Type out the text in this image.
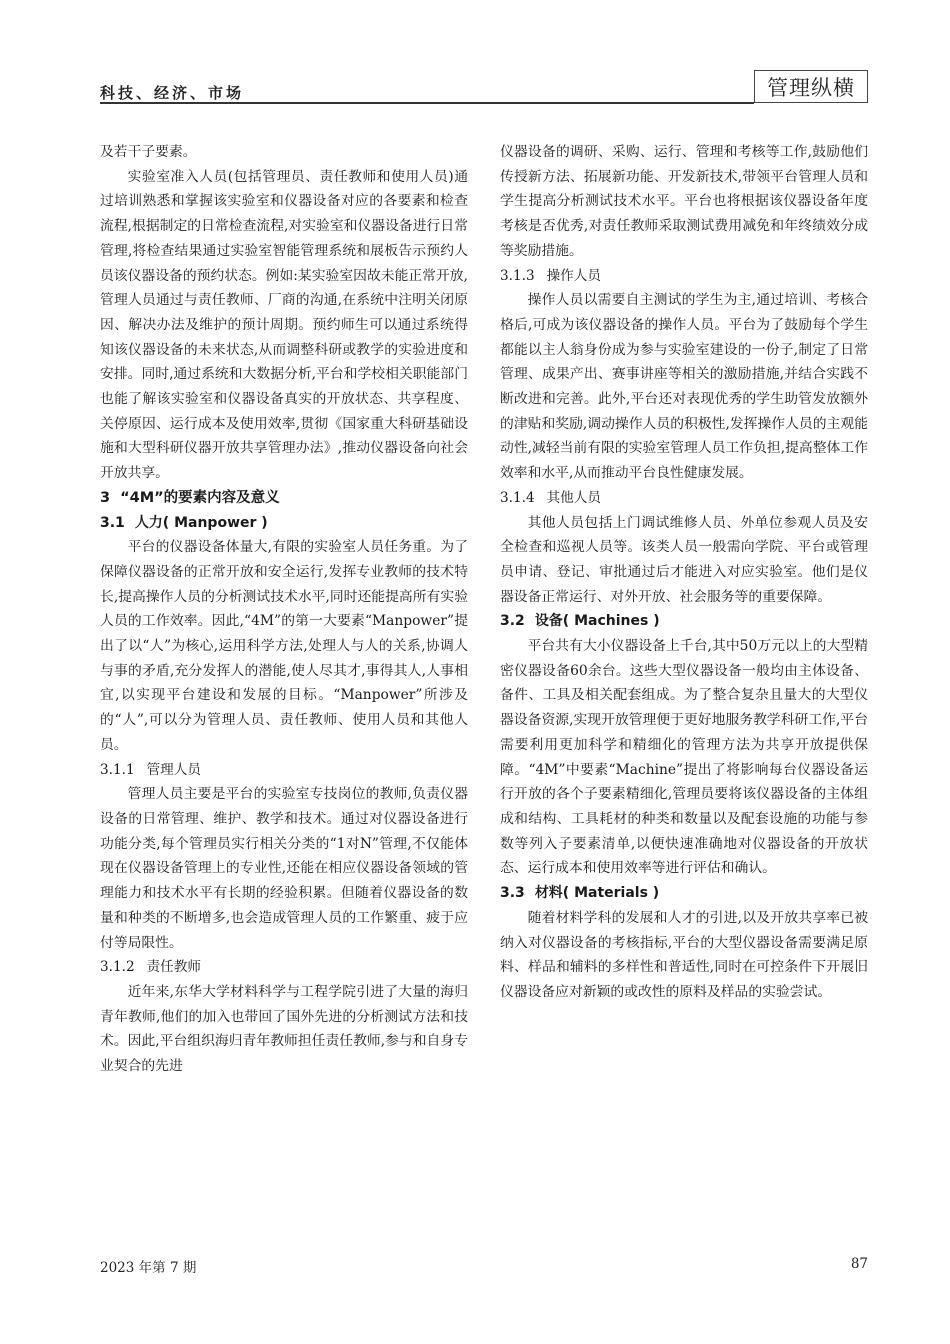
科技、经济、市场	管理纵横

及若干子要素。

实验室准入人员(包括管理员、责任教师和使用人员)通过培训熟悉和掌握该实验室和仪器设备对应的各要素和检查流程,根据制定的日常检查流程,对实验室和仪器设备进行日常管理,将检查结果通过实验室智能管理系统和展板告示预约人员该仪器设备的预约状态。例如:某实验室因故未能正常开放,管理人员通过与责任教师、厂商的沟通,在系统中注明关闭原因、解决办法及维护的预计周期。预约师生可以通过系统得知该仪器设备的未来状态,从而调整科研或教学的实验进度和安排。同时,通过系统和大数据分析,平台和学校相关职能部门也能了解该实验室和仪器设备真实的开放状态、共享程度、关停原因、运行成本及使用效率,贯彻《国家重大科研基础设施和大型科研仪器开放共享管理办法》,推动仪器设备向社会开放共享。

3 “4M”的要素内容及意义
3.1 人力( Manpower )

平台的仪器设备体量大,有限的实验室人员任务重。为了保障仪器设备的正常开放和安全运行,发挥专业教师的技术特长,提高操作人员的分析测试技术水平,同时还能提高所有实验人员的工作效率。因此,“4M”的第一大要素“Manpower”提出了以“人”为核心,运用科学方法,处理人与人的关系,协调人与事的矛盾,充分发挥人的潜能,使人尽其才,事得其人,人事相宜,以实现平台建设和发展的目标。“Manpower”所涉及的“人”,可以分为管理人员、责任教师、使用人员和其他人员。

3.1.1 管理人员

管理人员主要是平台的实验室专技岗位的教师,负责仪器设备的日常管理、维护、教学和技术。通过对仪器设备进行功能分类,每个管理员实行相关分类的“1对N”管理,不仅能体现在仪器设备管理上的专业性,还能在相应仪器设备领域的管理能力和技术水平有长期的经验积累。但随着仪器设备的数量和种类的不断增多,也会造成管理人员的工作繁重、疲于应付等局限性。

3.1.2 责任教师

近年来,东华大学材料科学与工程学院引进了大量的海归青年教师,他们的加入也带回了国外先进的分析测试方法和技术。因此,平台组织海归青年教师担任责任教师,参与和自身专业契合的先进

仪器设备的调研、采购、运行、管理和考核等工作,鼓励他们传授新方法、拓展新功能、开发新技术,带领平台管理人员和学生提高分析测试技术水平。平台也将根据该仪器设备年度考核是否优秀,对责任教师采取测试费用减免和年终绩效分成等奖励措施。

3.1.3 操作人员

操作人员以需要自主测试的学生为主,通过培训、考核合格后,可成为该仪器设备的操作人员。平台为了鼓励每个学生都能以主人翁身份成为参与实验室建设的一份子,制定了日常管理、成果产出、赛事讲座等相关的激励措施,并结合实践不断改进和完善。此外,平台还对表现优秀的学生助管发放额外的津贴和奖励,调动操作人员的积极性,发挥操作人员的主观能动性,减轻当前有限的实验室管理人员工作负担,提高整体工作效率和水平,从而推动平台良性健康发展。

3.1.4 其他人员

其他人员包括上门调试维修人员、外单位参观人员及安全检查和巡视人员等。该类人员一般需向学院、平台或管理员申请、登记、审批通过后才能进入对应实验室。他们是仪器设备正常运行、对外开放、社会服务等的重要保障。

3.2 设备( Machines )

平台共有大小仪器设备上千台,其中50万元以上的大型精密仪器设备60余台。这些大型仪器设备一般均由主体设备、备件、工具及相关配套组成。为了整合复杂且量大的大型仪器设备资源,实现开放管理便于更好地服务教学科研工作,平台需要利用更加科学和精细化的管理方法为共享开放提供保障。“4M”中要素“Machine”提出了将影响每台仪器设备运行开放的各个子要素精细化,管理员要将该仪器设备的主体组成和结构、工具耗材的种类和数量以及配套设施的功能与参数等列入子要素清单,以便快速准确地对仪器设备的开放状态、运行成本和使用效率等进行评估和确认。

3.3 材料( Materials )

随着材料学科的发展和人才的引进,以及开放共享率已被纳入对仪器设备的考核指标,平台的大型仪器设备需要满足原料、样品和辅料的多样性和普适性,同时在可控条件下开展旧仪器设备应对新颖的或改性的原料及样品的实验尝试。

2023 年第 7 期	87
